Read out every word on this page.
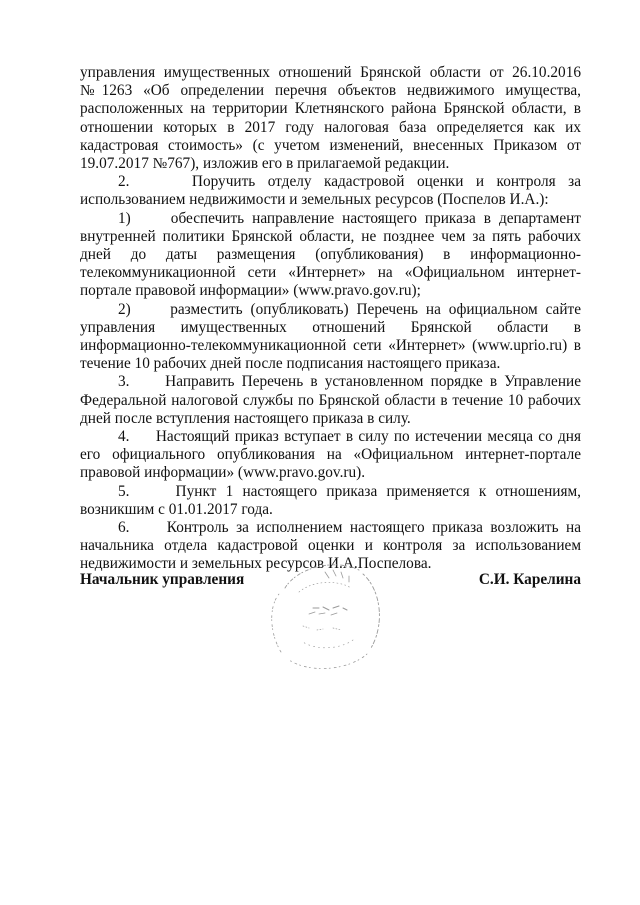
управления имущественных отношений Брянской области от 26.10.2016 №1263 «Об определении перечня объектов недвижимого имущества, расположенных на территории Клетнянского района Брянской области, в отношении которых в 2017 году налоговая база определяется как их кадастровая стоимость» (с учетом изменений, внесенных Приказом от 19.07.2017 №767), изложив его в прилагаемой редакции.

2.     Поручить отделу кадастровой оценки и контроля за использованием недвижимости и земельных ресурсов (Поспелов И.А.):

1)     обеспечить направление настоящего приказа в департамент внутренней политики Брянской области, не позднее чем за пять рабочих дней до даты размещения (опубликования) в информационно-телекоммуникационной сети «Интернет» на «Официальном интернет-портале правовой информации» (www.pravo.gov.ru);

2)     разместить (опубликовать) Перечень на официальном сайте управления имущественных отношений Брянской области в информационно-телекоммуникационной сети «Интернет» (www.uprio.ru) в течение 10 рабочих дней после подписания настоящего приказа.

3.     Направить Перечень в установленном порядке в Управление Федеральной налоговой службы по Брянской области в течение 10 рабочих дней после вступления настоящего приказа в силу.

4.     Настоящий приказ вступает в силу по истечении месяца со дня его официального опубликования на «Официальном интернет-портале правовой информации» (www.pravo.gov.ru).

5.     Пункт 1 настоящего приказа применяется к отношениям, возникшим с 01.01.2017 года.

6.     Контроль за исполнением настоящего приказа возложить на начальника отдела кадастровой оценки и контроля за использованием недвижимости и земельных ресурсов И.А.Поспелова.

Начальник управления	С.И. Карелина
